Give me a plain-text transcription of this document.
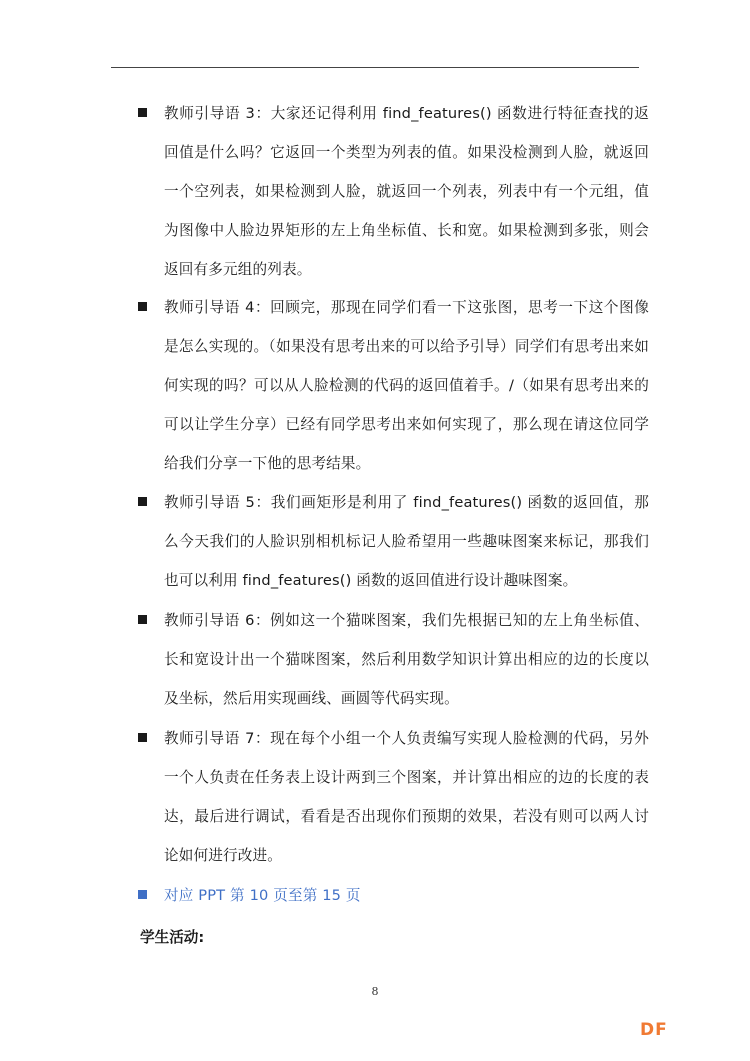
教师引导语 3：大家还记得利用 find_features() 函数进行特征查找的返回值是什么吗？它返回一个类型为列表的值。如果没检测到人脸，就返回一个空列表，如果检测到人脸，就返回一个列表，列表中有一个元组，值为图像中人脸边界矩形的左上角坐标值、长和宽。如果检测到多张，则会返回有多元组的列表。
教师引导语 4：回顾完，那现在同学们看一下这张图，思考一下这个图像是怎么实现的。（如果没有思考出来的可以给予引导）同学们有思考出来如何实现的吗？可以从人脸检测的代码的返回值着手。/（如果有思考出来的可以让学生分享）已经有同学思考出来如何实现了，那么现在请这位同学给我们分享一下他的思考结果。
教师引导语 5：我们画矩形是利用了 find_features() 函数的返回值，那么今天我们的人脸识别相机标记人脸希望用一些趣味图案来标记，那我们也可以利用 find_features() 函数的返回值进行设计趣味图案。
教师引导语 6：例如这一个猫咪图案，我们先根据已知的左上角坐标值、长和宽设计出一个猫咪图案，然后利用数学知识计算出相应的边的长度以及坐标，然后用实现画线、画圆等代码实现。
教师引导语 7：现在每个小组一个人负责编写实现人脸检测的代码，另外一个人负责在任务表上设计两到三个图案，并计算出相应的边的长度的表达，最后进行调试，看看是否出现你们预期的效果，若没有则可以两人讨论如何进行改进。
对应 PPT 第 10 页至第 15 页
学生活动:
8
DF
